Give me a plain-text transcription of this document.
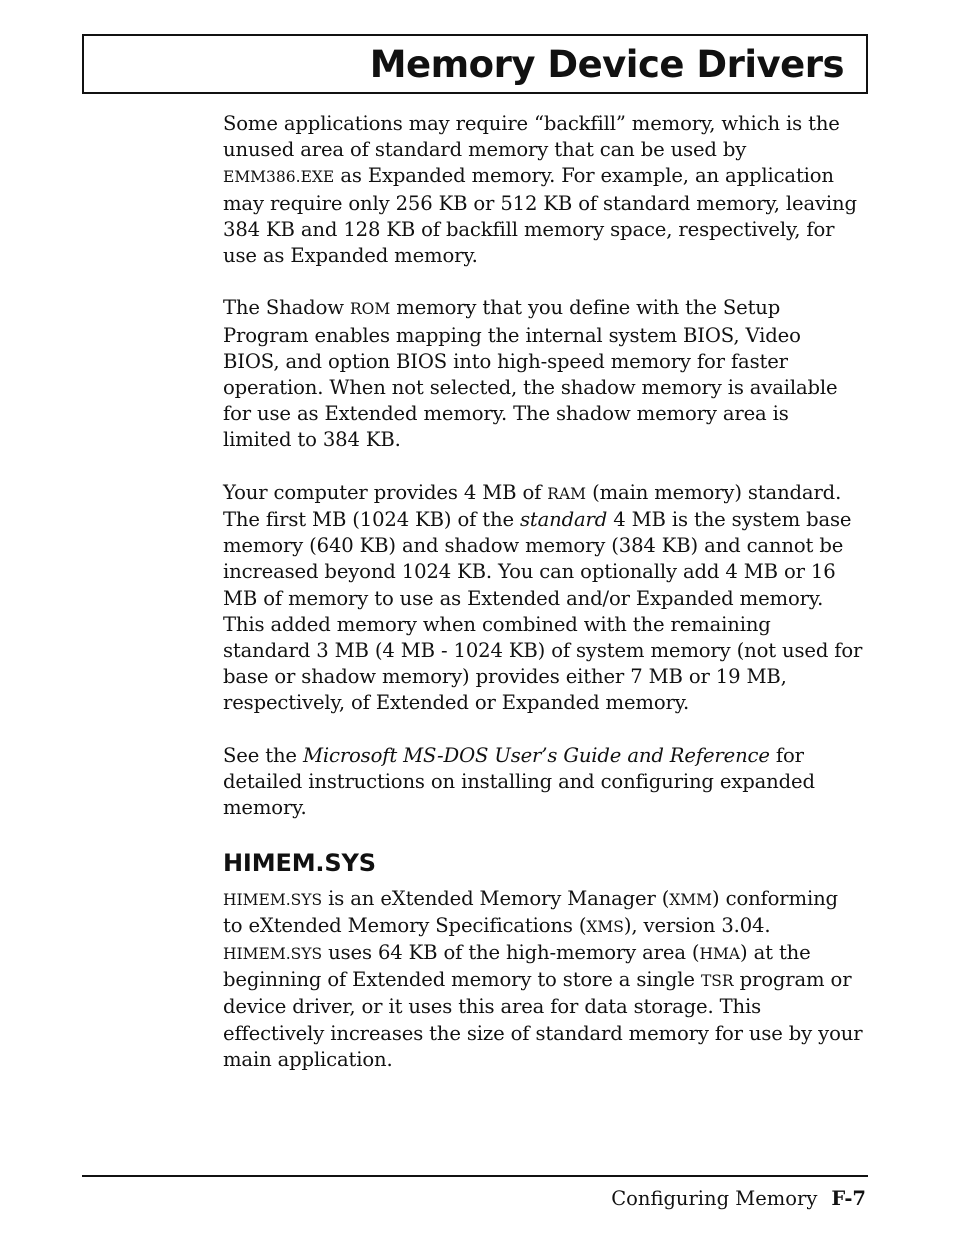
Memory Device Drivers

Some applications may require “backfill” memory, which is the unused area of standard memory that can be used by EMM386.EXE as Expanded memory. For example, an application may require only 256 KB or 512 KB of standard memory, leaving 384 KB and 128 KB of backfill memory space, respectively, for use as Expanded memory.

The Shadow ROM memory that you define with the Setup Program enables mapping the internal system BIOS, Video BIOS, and option BIOS into high-speed memory for faster operation. When not selected, the shadow memory is available for use as Extended memory. The shadow memory area is limited to 384 KB.

Your computer provides 4 MB of RAM (main memory) standard. The first MB (1024 KB) of the standard 4 MB is the system base memory (640 KB) and shadow memory (384 KB) and cannot be increased beyond 1024 KB. You can optionally add 4 MB or 16 MB of memory to use as Extended and/or Expanded memory. This added memory when combined with the remaining standard 3 MB (4 MB - 1024 KB) of system memory (not used for base or shadow memory) provides either 7 MB or 19 MB, respectively, of Extended or Expanded memory.

See the Microsoft MS-DOS User’s Guide and Reference for detailed instructions on installing and configuring expanded memory.

HIMEM.SYS

HIMEM.SYS is an eXtended Memory Manager (XMM) conforming to eXtended Memory Specifications (XMS), version 3.04. HIMEM.SYS uses 64 KB of the high-memory area (HMA) at the beginning of Extended memory to store a single TSR program or device driver, or it uses this area for data storage. This effectively increases the size of standard memory for use by your main application.

Configuring Memory F-7
